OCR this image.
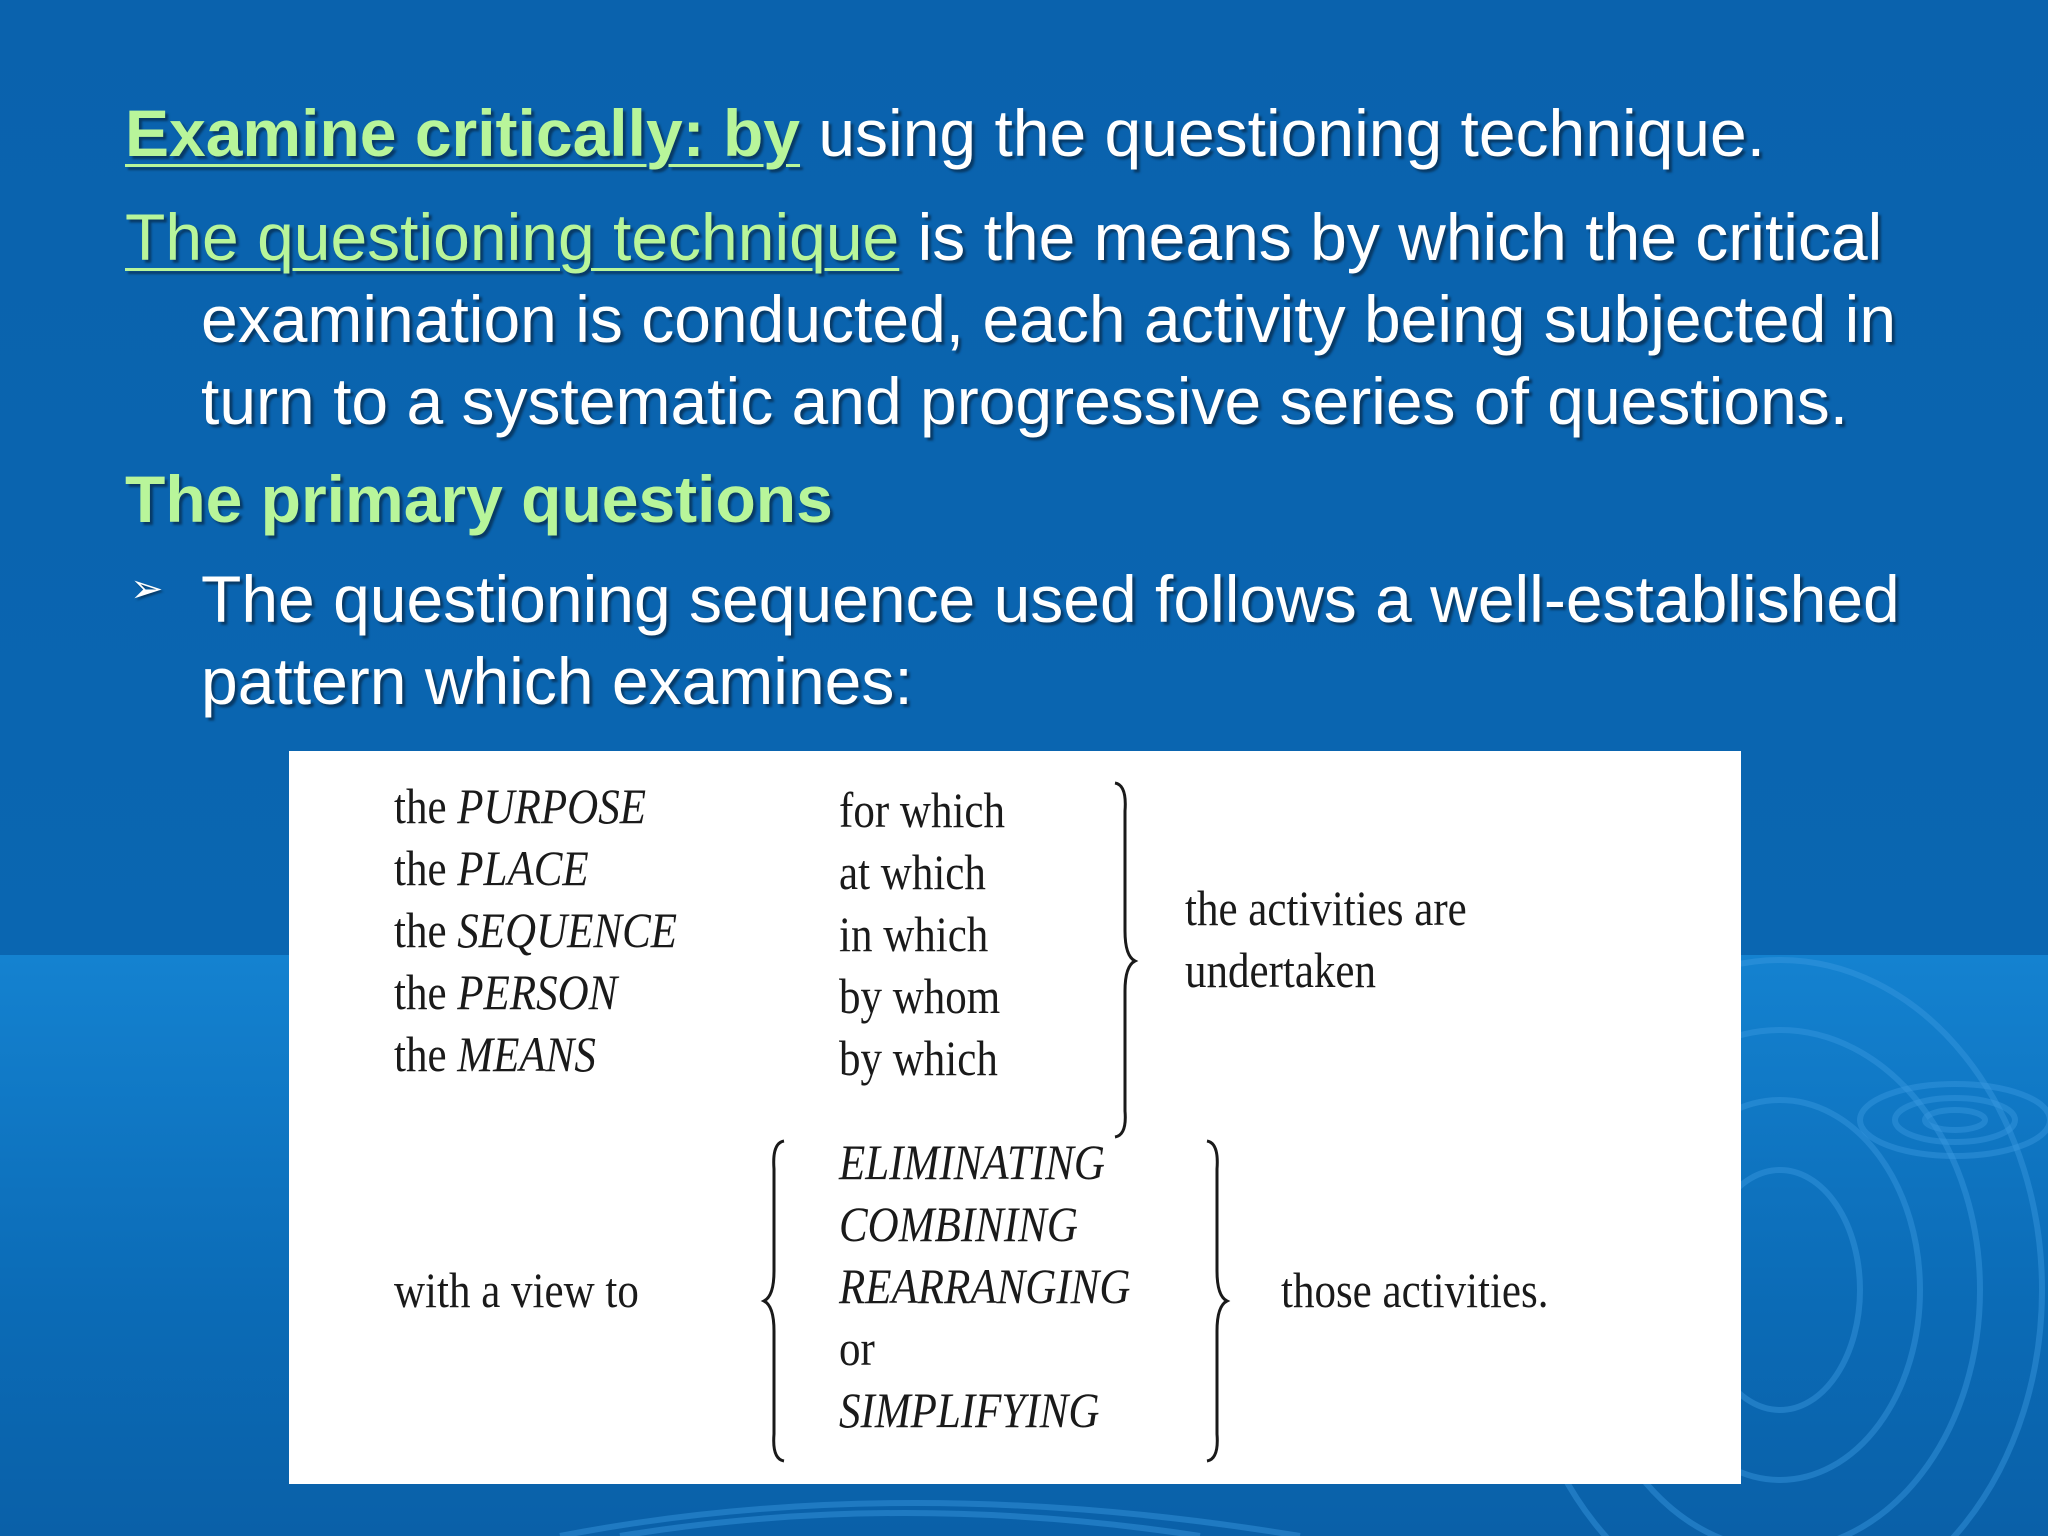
Examine critically: by using the questioning technique.
The questioning technique is the means by which the critical
examination is conducted, each activity being subjected in
turn to a systematic and progressive series of questions.
The primary questions
The questioning sequence used follows a well-established
pattern which examines:
➢
the PURPOSE
the PLACE
the SEQUENCE
the PERSON
the MEANS
for which
at which
in which
by whom
by which
the activities are
undertaken
with a view to
ELIMINATING
COMBINING
REARRANGING
or
SIMPLIFYING
those activities.
